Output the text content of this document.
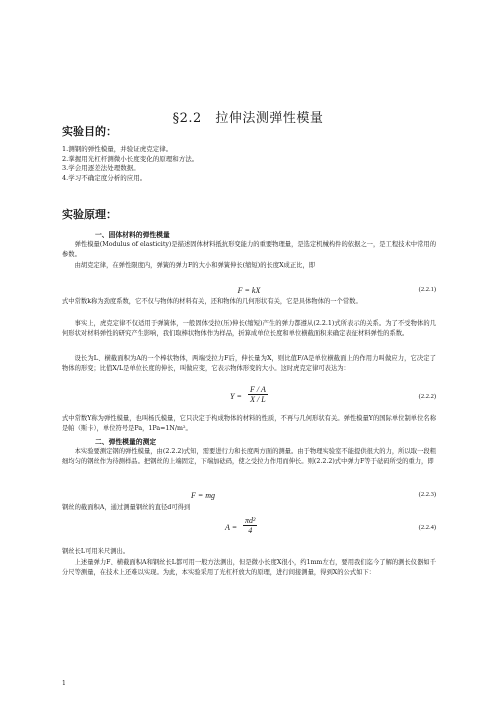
§2.2　拉伸法测弹性模量
实验目的：
1.测钢的弹性模量，并验证虎克定律。
2.掌握用光杠杆测微小长度变化的原理和方法。
3.学会用逐差法处理数据。
4.学习不确定度分析的应用。
实验原理：
一、固体材料的弹性模量

弹性模量(Modulus of elasticity)是描述固体材料抵抗形变能力的重要物理量，是选定机械构件的依据之一，是工程技术中常用的参数。

由胡克定律，在弹性限度内，弹簧的弹力F的大小和弹簧伸长(缩短)的长度X成正比，即

F = kX	(2.2.1)

式中常数k称为劲度系数，它不仅与物体的材料有关，还和物体的几何形状有关，它是具体物体的一个常数。

事实上，虎克定律不仅适用于弹簧体，一般固体受拉(压)伸长(缩短)产生的弹力都遵从(2.2.1)式所表示的关系。为了不受物体的几何形状对材料弹性的研究产生影响，我们取棒状物体作为样品，折算成单位长度和单位横截面积来确定表征材料弹性的系数。

设长为L、横截面积为A的一个棒状物体，两端受拉力F后，伸长量为X，则比值F/A是单位横截面上的作用力叫做应力，它决定了物体的形变；比值X/L是单位长度的伸长，叫做应变，它表示物体形变的大小。这时虎克定律可表达为：

$Y = \frac{F / A}{X / L}$	(2.2.2)

式中常数Y称为弹性模量，也叫杨氏模量，它只决定于构成物体的材料的性质，不再与几何形状有关。弹性模量Y的国际单位制单位名称是帕（斯卡），单位符号是Pa，1Pa=1N/m²。

二、弹性模量的测定

本实验要测定钢的弹性模量，由(2.2.2)式知，需要进行力和长度两方面的测量。由于物理实验室不能提供很大的力，所以取一段粗细均匀的钢丝作为待测样品。把钢丝的上端固定，下端加砝码，使之受拉力作用而伸长。则(2.2.2)式中弹力F等于砝码所受的重力，即

F = mg	(2.2.3)

钢丝的截面积A，通过测量钢丝的直径d可得到

$A = \frac{\text{πd²}}{4}$	(2.2.4)

钢丝长L可用米尺测出。

上述量弹力F、横截面积A和钢丝长L都可用一般方法测出，但是微小长度X很小，约1mm左右，要用我们迄今了解的测长仪器如千分尺等测量，在技术上还难以实现。为此，本实验采用了光杠杆放大的原理，进行间接测量，得到X的公式如下：

1
